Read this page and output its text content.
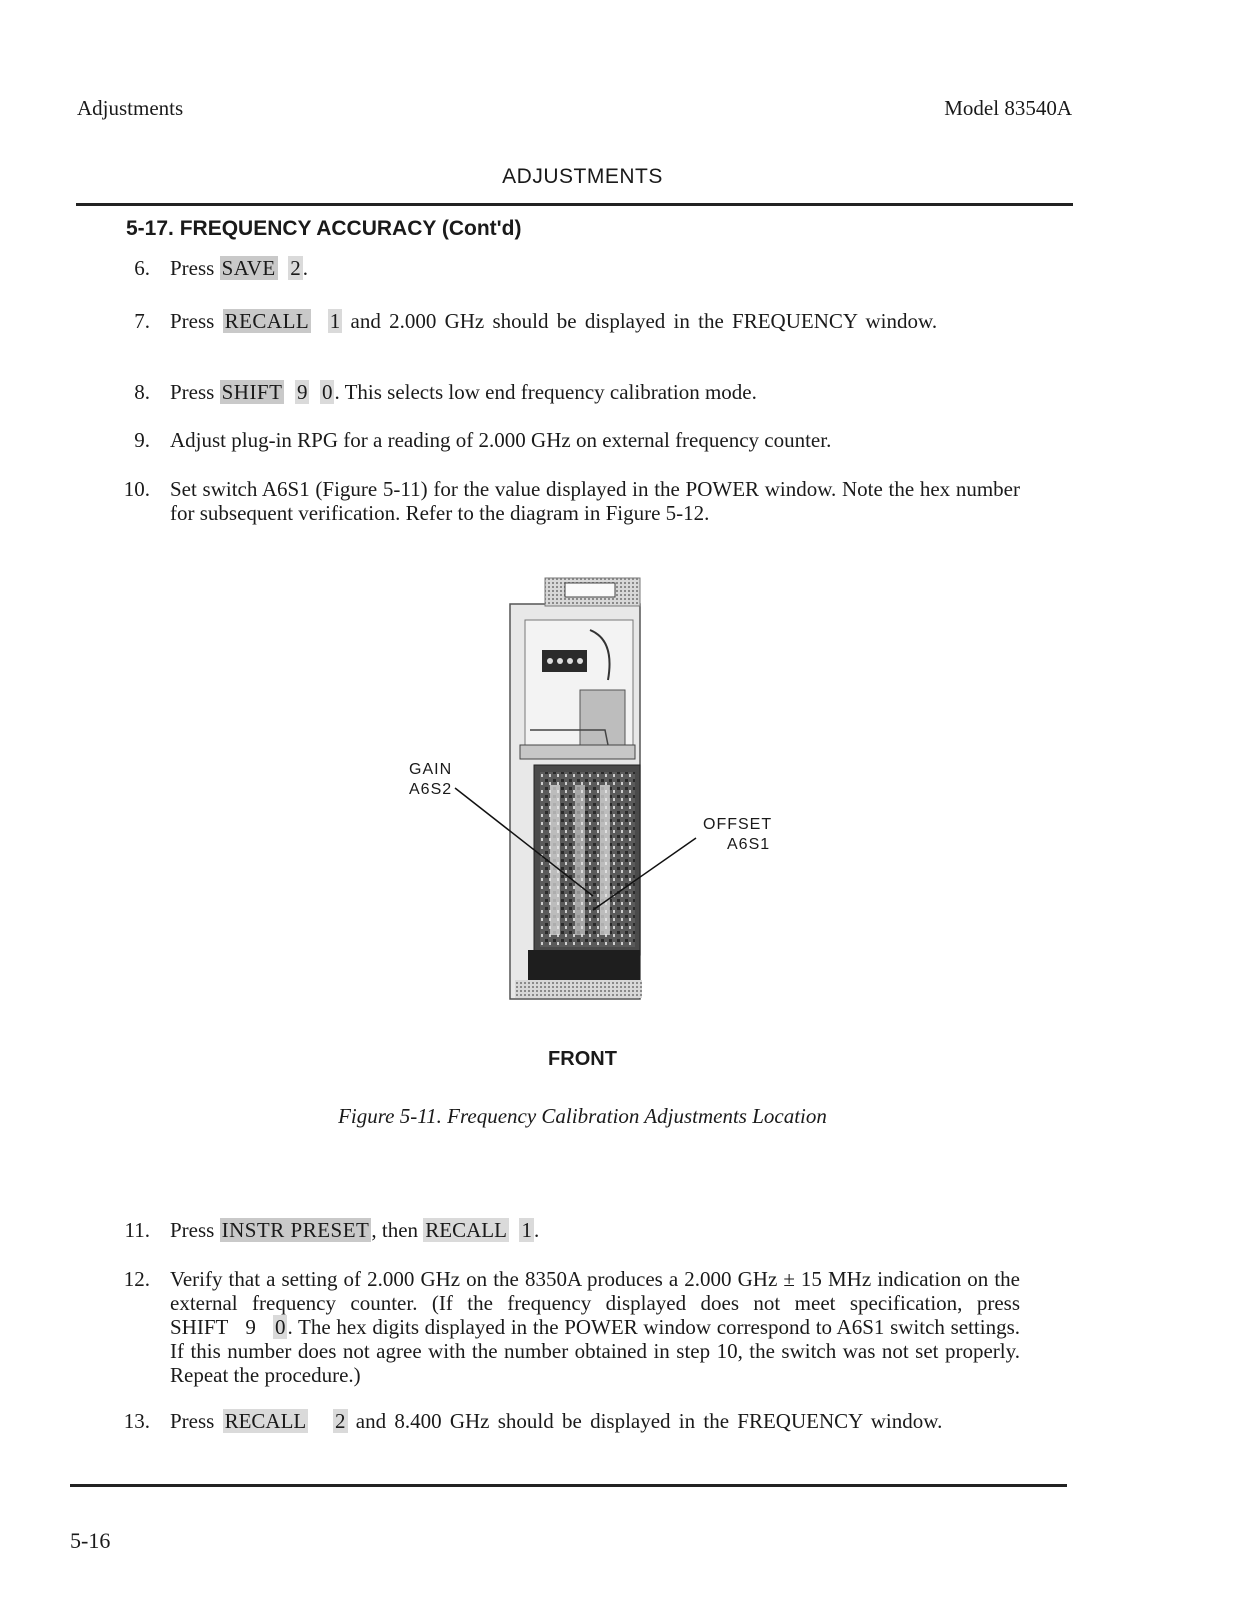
Adjustments	Model 83540A
ADJUSTMENTS
5-17. FREQUENCY ACCURACY (Cont'd)
6. Press SAVE 2.
7. Press RECALL 1 and 2.000 GHz should be displayed in the FREQUENCY window.
8. Press SHIFT 9 0. This selects low end frequency calibration mode.
9. Adjust plug-in RPG for a reading of 2.000 GHz on external frequency counter.
10. Set switch A6S1 (Figure 5-11) for the value displayed in the POWER window. Note the hex number for subsequent verification. Refer to the diagram in Figure 5-12.
GAIN
A6S2
OFFSET
A6S1
FRONT
Figure 5-11. Frequency Calibration Adjustments Location
11. Press INSTR PRESET, then RECALL 1.
12. Verify that a setting of 2.000 GHz on the 8350A produces a 2.000 GHz ± 15 MHz indication on the external frequency counter. (If the frequency displayed does not meet specification, press SHIFT 9 0. The hex digits displayed in the POWER window correspond to A6S1 switch settings. If this number does not agree with the number obtained in step 10, the switch was not set properly. Repeat the procedure.)
13. Press RECALL 2 and 8.400 GHz should be displayed in the FREQUENCY window.
5-16
